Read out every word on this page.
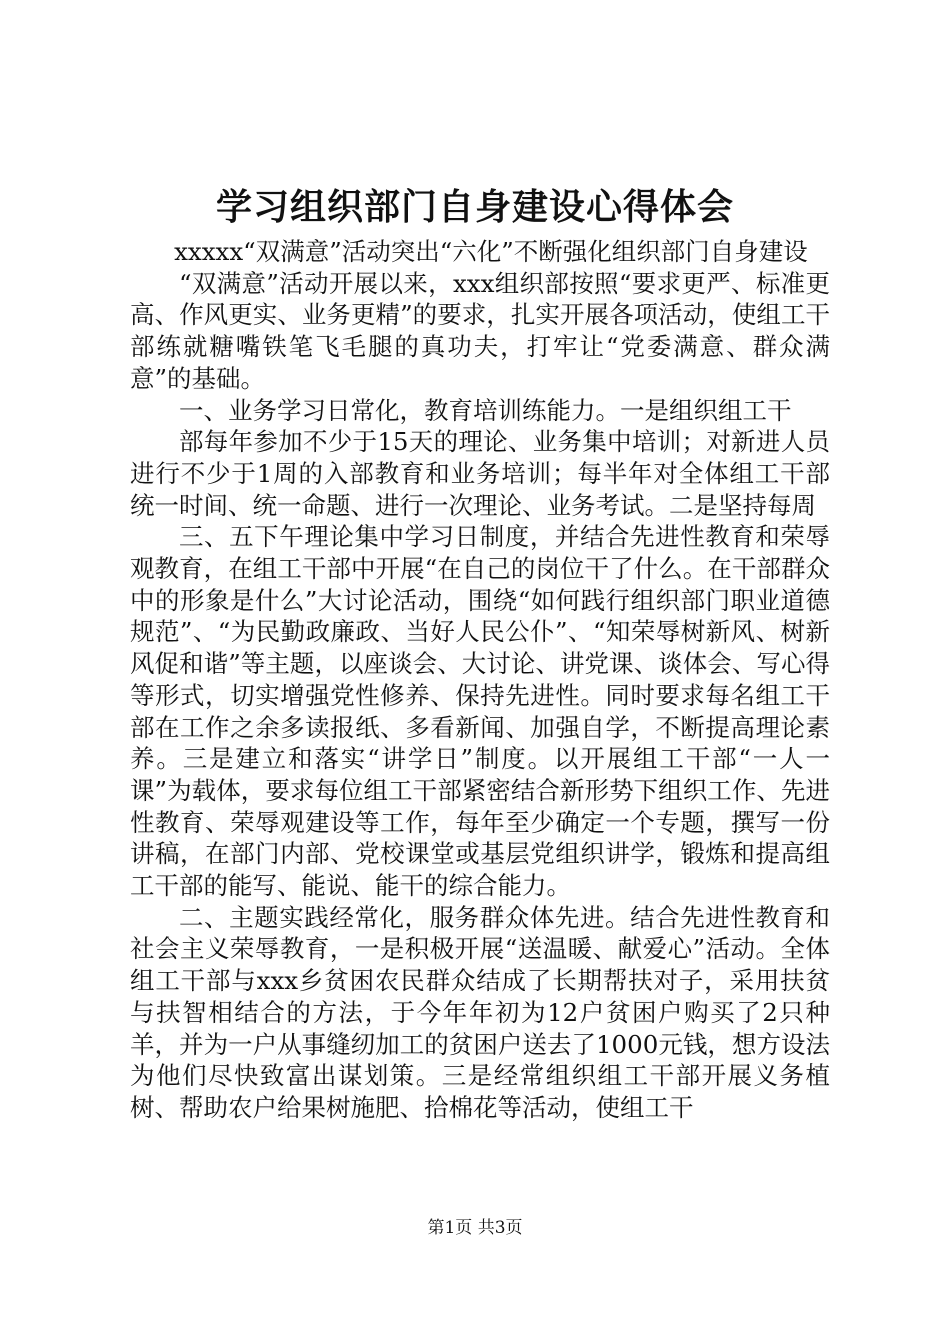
学习组织部门自身建设心得体会

xxxxx“双满意”活动突出“六化”不断强化组织部门自身建设

“双满意”活动开展以来，xxx组织部按照“要求更严、标准更高、作风更实、业务更精”的要求，扎实开展各项活动，使组工干部练就糖嘴铁笔飞毛腿的真功夫，打牢让“党委满意、群众满意”的基础。

一、业务学习日常化，教育培训练能力。一是组织组工干

部每年参加不少于15天的理论、业务集中培训；对新进人员进行不少于1周的入部教育和业务培训；每半年对全体组工干部统一时间、统一命题、进行一次理论、业务考试。二是坚持每周

三、五下午理论集中学习日制度，并结合先进性教育和荣辱观教育，在组工干部中开展“在自己的岗位干了什么。在干部群众中的形象是什么”大讨论活动，围绕“如何践行组织部门职业道德规范”、“为民勤政廉政、当好人民公仆”、“知荣辱树新风、树新风促和谐”等主题，以座谈会、大讨论、讲党课、谈体会、写心得等形式，切实增强党性修养、保持先进性。同时要求每名组工干部在工作之余多读报纸、多看新闻、加强自学，不断提高理论素养。三是建立和落实“讲学日”制度。以开展组工干部“一人一课”为载体，要求每位组工干部紧密结合新形势下组织工作、先进性教育、荣辱观建设等工作，每年至少确定一个专题，撰写一份讲稿，在部门内部、党校课堂或基层党组织讲学，锻炼和提高组工干部的能写、能说、能干的综合能力。

二、主题实践经常化，服务群众体先进。结合先进性教育和社会主义荣辱教育，一是积极开展“送温暖、献爱心”活动。全体组工干部与xxx乡贫困农民群众结成了长期帮扶对子，采用扶贫与扶智相结合的方法，于今年年初为12户贫困户购买了2只种羊，并为一户从事缝纫加工的贫困户送去了1000元钱，想方设法为他们尽快致富出谋划策。三是经常组织组工干部开展义务植树、帮助农户给果树施肥、拾棉花等活动，使组工干

第1页 共3页
